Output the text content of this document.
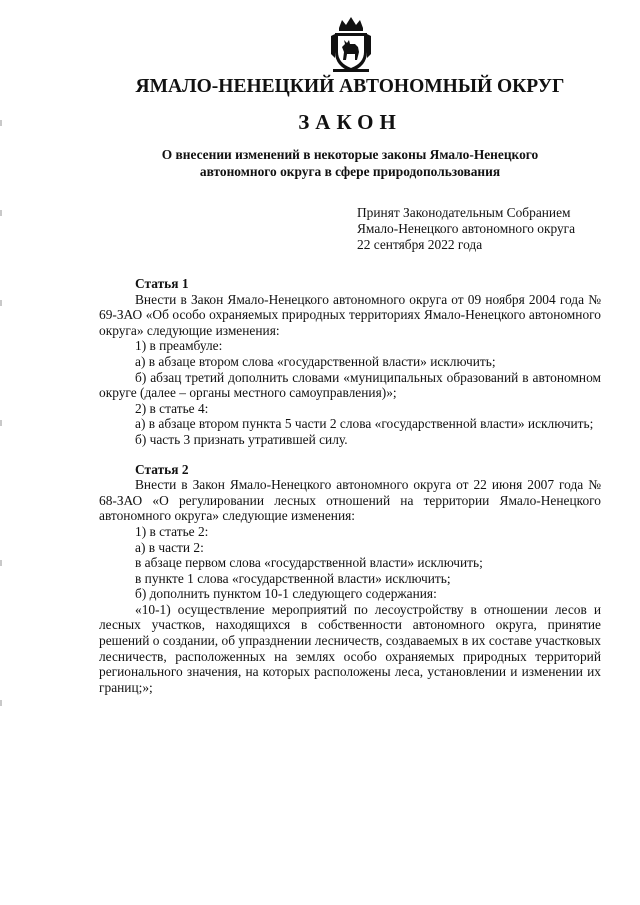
ЯМАЛО-НЕНЕЦКИЙ АВТОНОМНЫЙ ОКРУГ
ЗАКОН
О внесении изменений в некоторые законы Ямало-Ненецкого автономного округа в сфере природопользования
Принят Законодательным Собранием
Ямало-Ненецкого автономного округа
22 сентября 2022 года
Статья 1
Внести в Закон Ямало-Ненецкого автономного округа от 09 ноября 2004 года № 69-ЗАО «Об особо охраняемых природных территориях Ямало-Ненецкого автономного округа» следующие изменения:
1) в преамбуле:
а) в абзаце втором слова «государственной власти» исключить;
б) абзац третий дополнить словами «муниципальных образований в автономном округе (далее – органы местного самоуправления)»;
2) в статье 4:
а) в абзаце втором пункта 5 части 2 слова «государственной власти» исключить;
б) часть 3 признать утратившей силу.
Статья 2
Внести в Закон Ямало-Ненецкого автономного округа от 22 июня 2007 года № 68-ЗАО «О регулировании лесных отношений на территории Ямало-Ненецкого автономного округа» следующие изменения:
1) в статье 2:
а) в части 2:
в абзаце первом слова «государственной власти» исключить;
в пункте 1 слова «государственной власти» исключить;
б) дополнить пунктом 10-1 следующего содержания:
«10-1) осуществление мероприятий по лесоустройству в отношении лесов и лесных участков, находящихся в собственности автономного округа, принятие решений о создании, об упразднении лесничеств, создаваемых в их составе участковых лесничеств, расположенных на землях особо охраняемых природных территорий регионального значения, на которых расположены леса, установлении и изменении их границ;»;
